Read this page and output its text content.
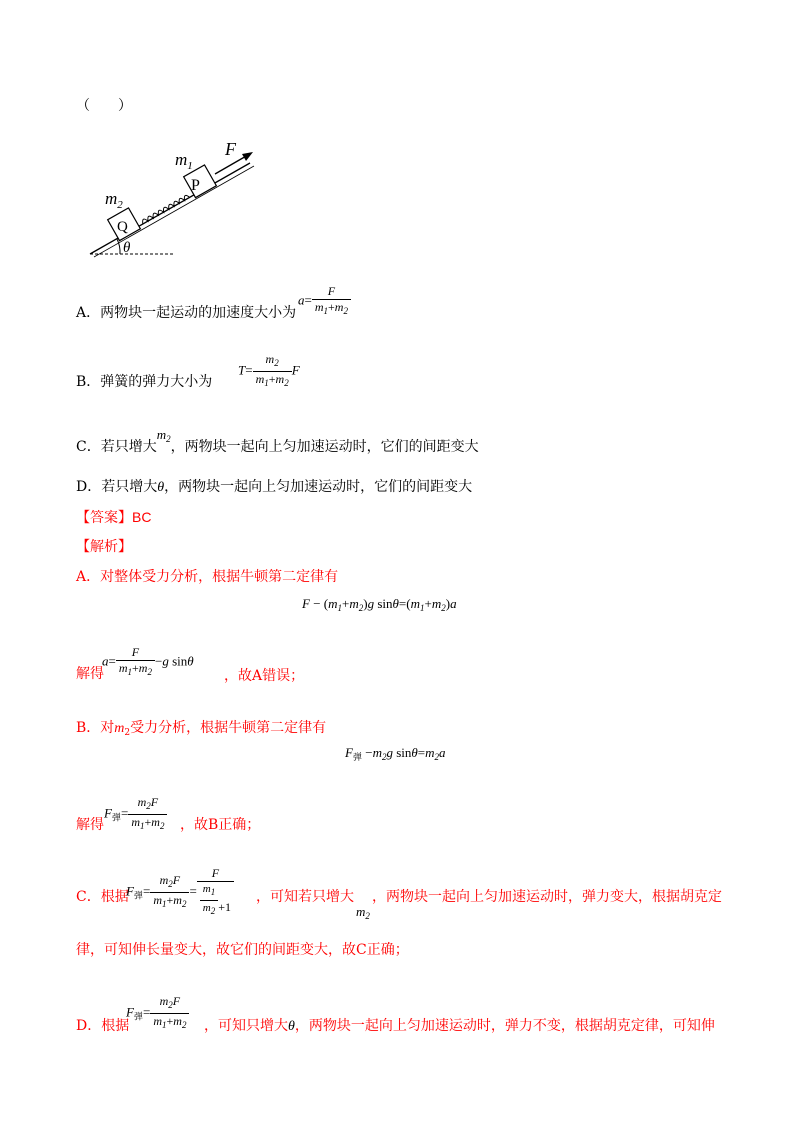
（　　）
$m_1$
P
F
$m_2$
Q
θ
A．两物块一起运动的加速度大小为
$a= \frac{F}{m_1+m_2}$
B．弹簧的弹力大小为
$T= \frac{m_2}{m_1+m_2}$ F
C．若只增大$m_2$，两物块一起向上匀加速运动时，它们的间距变大
D．若只增大θ，两物块一起向上匀加速运动时，它们的间距变大
【答案】BC
【解析】
A．对整体受力分析，根据牛顿第二定律有
$F - (m_1+m_2)g$ $\sin\theta=(m_1+m_2)a$
解得
$a= \frac{F}{m_1+m_2} -g$ sinθ
，故A错误；
B．对$m_2$受力分析，根据牛顿第二定律有
$F_弹 -m_2g$ $\sin\theta=m_2a$
解得
$F_弹= \frac{m_2F}{m_1+m_2}$ ，故B正确；
C．根据
$F_弹= \frac{m_2F}{m_1+m_2} = \frac{F}{\frac{m_1}{m_2} +1}$ ，可知若只增大
$m_2$
，两物块一起向上匀加速运动时，弹力变大，根据胡克定
律，可知伸长量变大，故它们的间距变大，故C正确；
D．根据
$F_弹= \frac{m_2F}{m_1+m_2}$ ，可知只增大θ，两物块一起向上匀加速运动时，弹力不变，根据胡克定律，可知伸
